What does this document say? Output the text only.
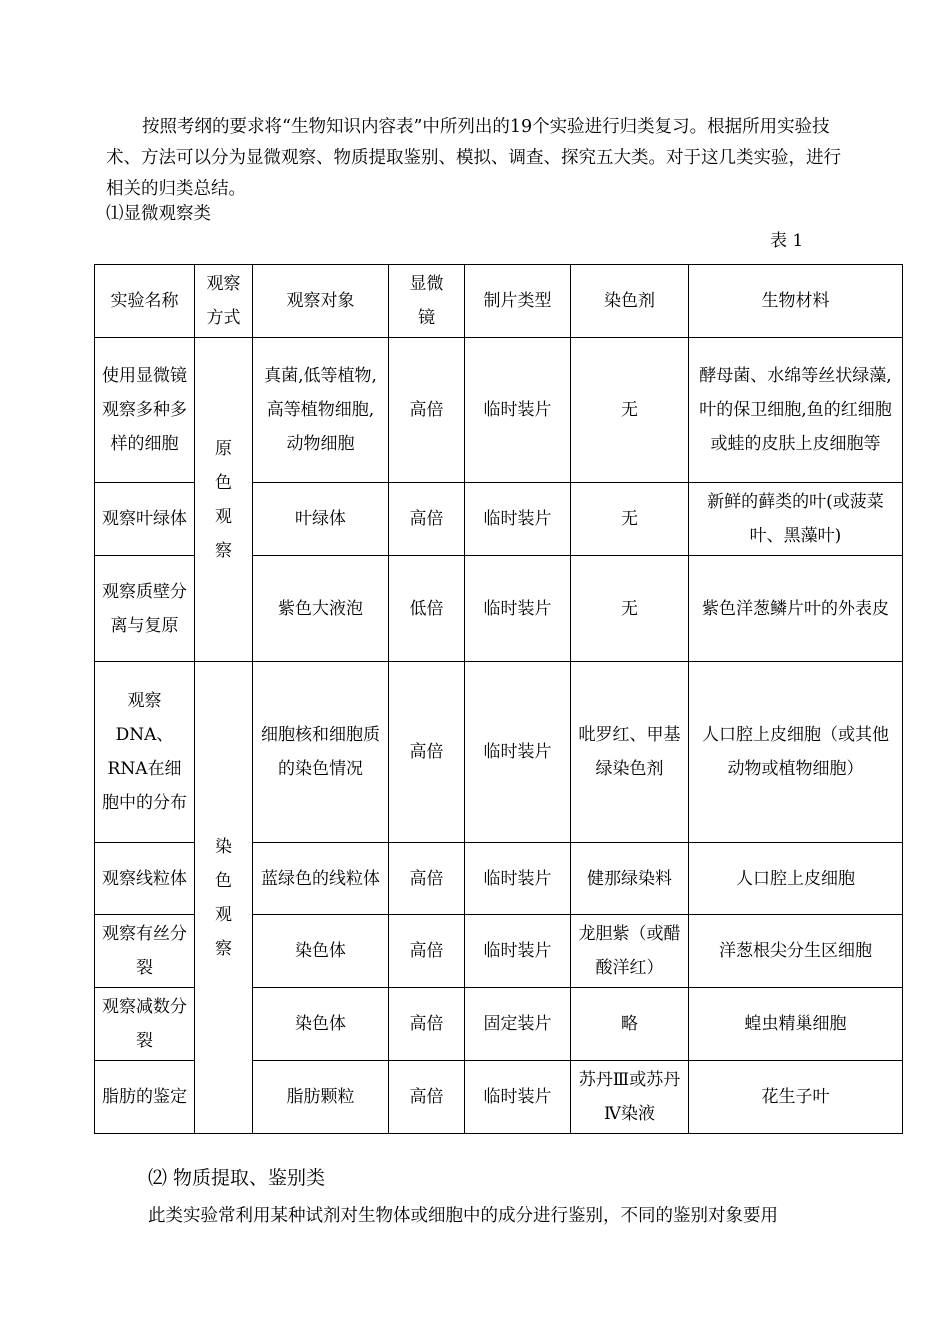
按照考纲的要求将“生物知识内容表”中所列出的19个实验进行归类复习。根据所用实验技术、方法可以分为显微观察、物质提取鉴别、模拟、调查、探究五大类。对于这几类实验，进行相关的归类总结。

⑴显微观察类
表 1
实验名称	观察方式	观察对象	显微镜	制片类型	染色剂	生物材料
使用显微镜观察多种多样的细胞	原色观察	真菌,低等植物,高等植物细胞,动物细胞	高倍	临时装片	无	酵母菌、水绵等丝状绿藻,叶的保卫细胞,鱼的红细胞或蛙的皮肤上皮细胞等
观察叶绿体		叶绿体	高倍	临时装片	无	新鲜的藓类的叶(或菠菜叶、黑藻叶)
观察质壁分离与复原		紫色大液泡	低倍	临时装片	无	紫色洋葱鳞片叶的外表皮
观察DNA、RNA在细胞中的分布	染色观察	细胞核和细胞质的染色情况	高倍	临时装片	吡罗红、甲基绿染色剂	人口腔上皮细胞（或其他动物或植物细胞）
观察线粒体		蓝绿色的线粒体	高倍	临时装片	健那绿染料	人口腔上皮细胞
观察有丝分裂		染色体	高倍	临时装片	龙胆紫（或醋酸洋红）	洋葱根尖分生区细胞
观察减数分裂		染色体	高倍	固定装片	略	蝗虫精巢细胞
脂肪的鉴定		脂肪颗粒	高倍	临时装片	苏丹Ⅲ或苏丹Ⅳ染液	花生子叶
⑵ 物质提取、鉴别类
此类实验常利用某种试剂对生物体或细胞中的成分进行鉴别，不同的鉴别对象要用
